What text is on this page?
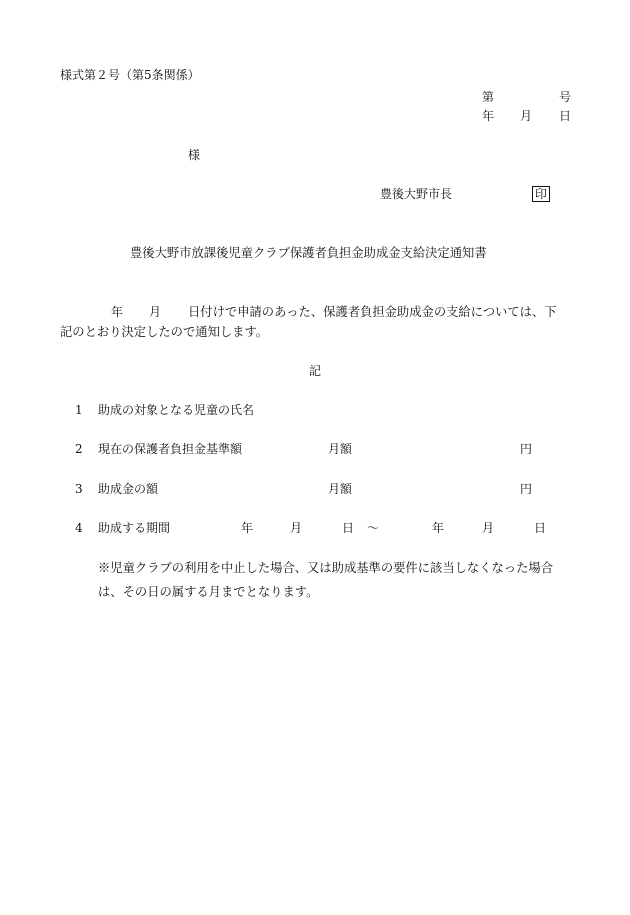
様式第２号（第5条関係）
第	号
年 月 日
様
豊後大野市長	印
豊後大野市放課後児童クラブ保護者負担金助成金支給決定通知書
年 月 日付けで申請のあった、保護者負担金助成金の支給については、下
記のとおり決定したので通知します。
記
1 助成の対象となる児童の氏名
2 現在の保護者負担金基準額	月額	円
3 助成金の額	月額	円
4 助成する期間	年	月	日 ～	年	月	日
※児童クラブの利用を中止した場合、又は助成基準の要件に該当しなくなった場合は、その日の属する月までとなります。
